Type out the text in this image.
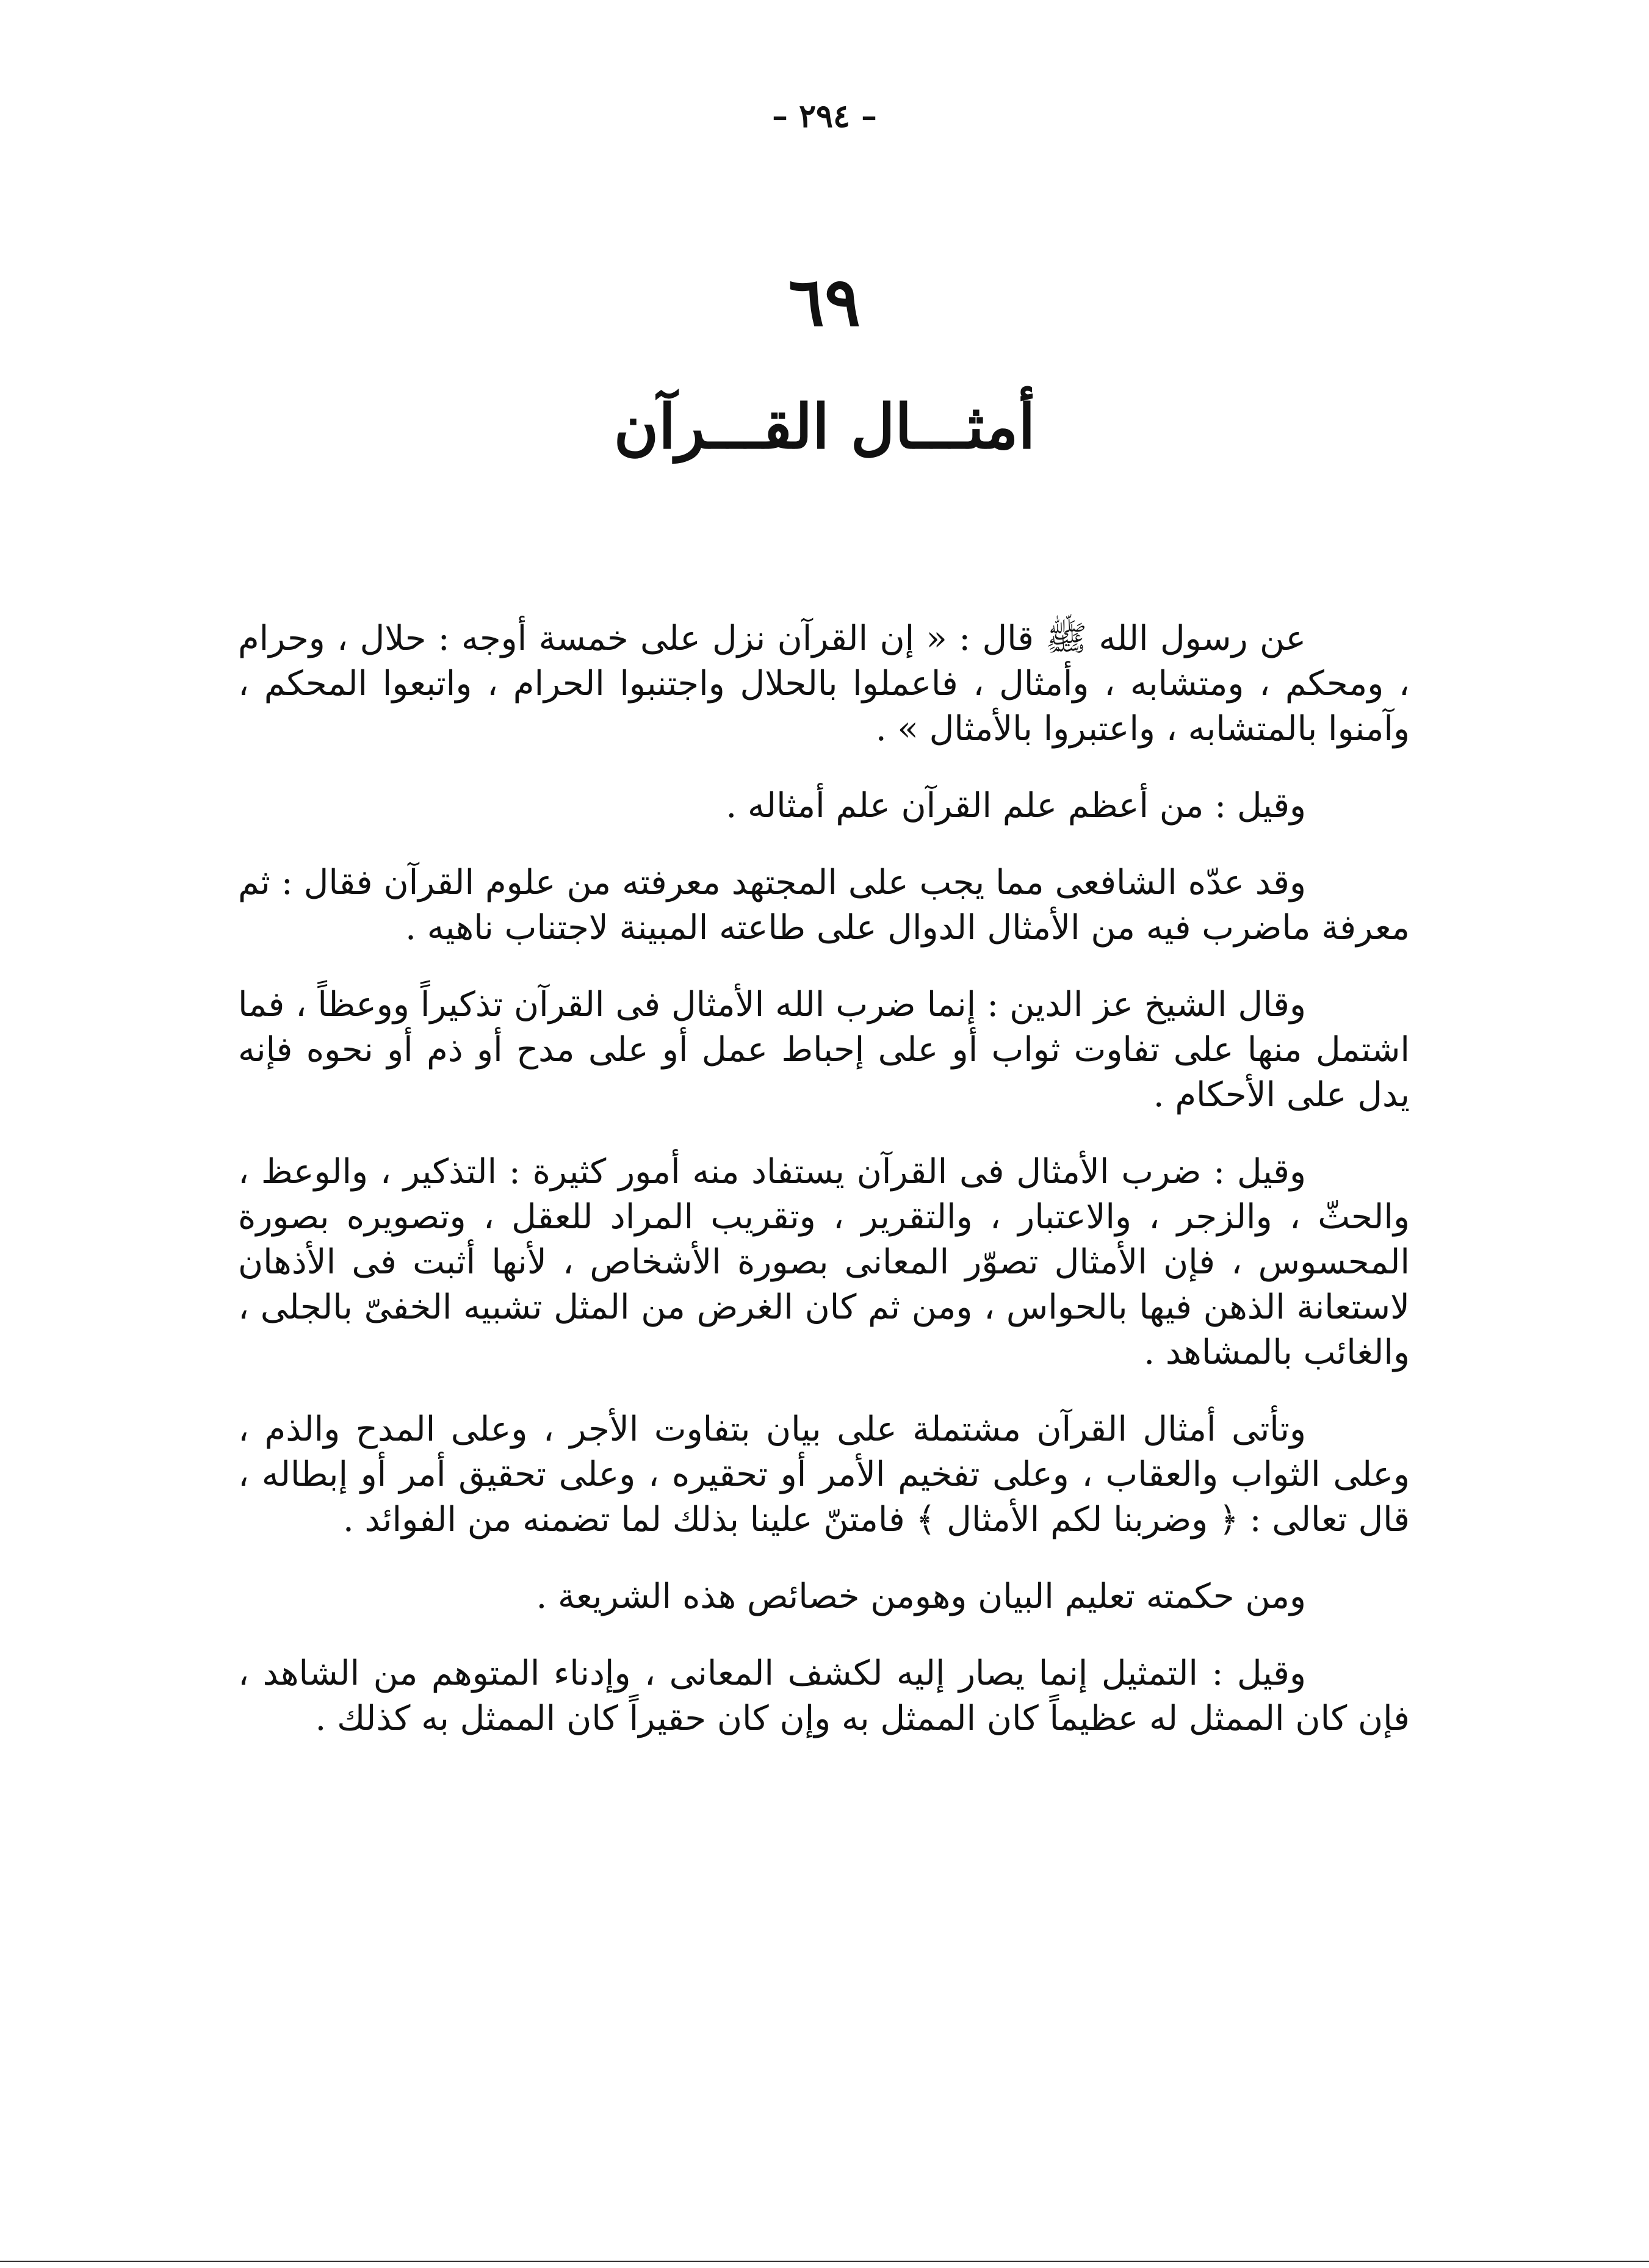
– ٢٩٤ –
٦٩
أمثـــال القـــرآن

عن رسول الله ﷺ قال : « إن القرآن نزل على خمسة أوجه : حلال ، وحرام ، ومحكم ، ومتشابه ، وأمثال ، فاعملوا بالحلال واجتنبوا الحرام ، واتبعوا المحكم ، وآمنوا بالمتشابه ، واعتبروا بالأمثال » .

وقيل : من أعظم علم القرآن علم أمثاله .

وقد عدّه الشافعى مما يجب على المجتهد معرفته من علوم القرآن فقال : ثم معرفة ماضرب فيه من الأمثال الدوال على طاعته المبينة لاجتناب ناهيه .

وقال الشيخ عز الدين : إنما ضرب الله الأمثال فى القرآن تذكيراً ووعظاً ، فما اشتمل منها على تفاوت ثواب أو على إحباط عمل أو على مدح أو ذم أو نحوه فإنه يدل على الأحكام .

وقيل : ضرب الأمثال فى القرآن يستفاد منه أمور كثيرة : التذكير ، والوعظ ، والحثّ ، والزجر ، والاعتبار ، والتقرير ، وتقريب المراد للعقل ، وتصويره بصورة المحسوس ، فإن الأمثال تصوّر المعانى بصورة الأشخاص ، لأنها أثبت فى الأذهان لاستعانة الذهن فيها بالحواس ، ومن ثم كان الغرض من المثل تشبيه الخفىّ بالجلى ، والغائب بالمشاهد .

وتأتى أمثال القرآن مشتملة على بيان بتفاوت الأجر ، وعلى المدح والذم ، وعلى الثواب والعقاب ، وعلى تفخيم الأمر أو تحقيره ، وعلى تحقيق أمر أو إبطاله ، قال تعالى : ﴿ وضربنا لكم الأمثال ﴾ فامتنّ علينا بذلك لما تضمنه من الفوائد .

ومن حكمته تعليم البيان وهومن خصائص هذه الشريعة .

وقيل : التمثيل إنما يصار إليه لكشف المعانى ، وإدناء المتوهم من الشاهد ، فإن كان الممثل له عظيماً كان الممثل به وإن كان حقيراً كان الممثل به كذلك .
